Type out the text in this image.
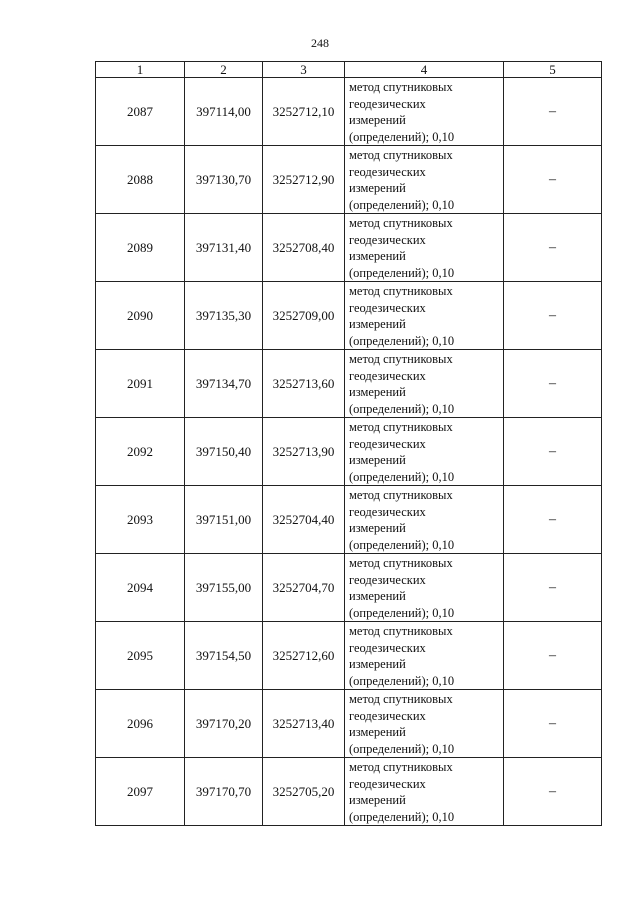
248
1	2	3	4	5
2087	397114,00	3252712,10	метод спутниковых
геодезических
измерений
(определений); 0,10	–
2088	397130,70	3252712,90	метод спутниковых
геодезических
измерений
(определений); 0,10	–
2089	397131,40	3252708,40	метод спутниковых
геодезических
измерений
(определений); 0,10	–
2090	397135,30	3252709,00	метод спутниковых
геодезических
измерений
(определений); 0,10	–
2091	397134,70	3252713,60	метод спутниковых
геодезических
измерений
(определений); 0,10	–
2092	397150,40	3252713,90	метод спутниковых
геодезических
измерений
(определений); 0,10	–
2093	397151,00	3252704,40	метод спутниковых
геодезических
измерений
(определений); 0,10	–
2094	397155,00	3252704,70	метод спутниковых
геодезических
измерений
(определений); 0,10	–
2095	397154,50	3252712,60	метод спутниковых
геодезических
измерений
(определений); 0,10	–
2096	397170,20	3252713,40	метод спутниковых
геодезических
измерений
(определений); 0,10	–
2097	397170,70	3252705,20	метод спутниковых
геодезических
измерений
(определений); 0,10	–
